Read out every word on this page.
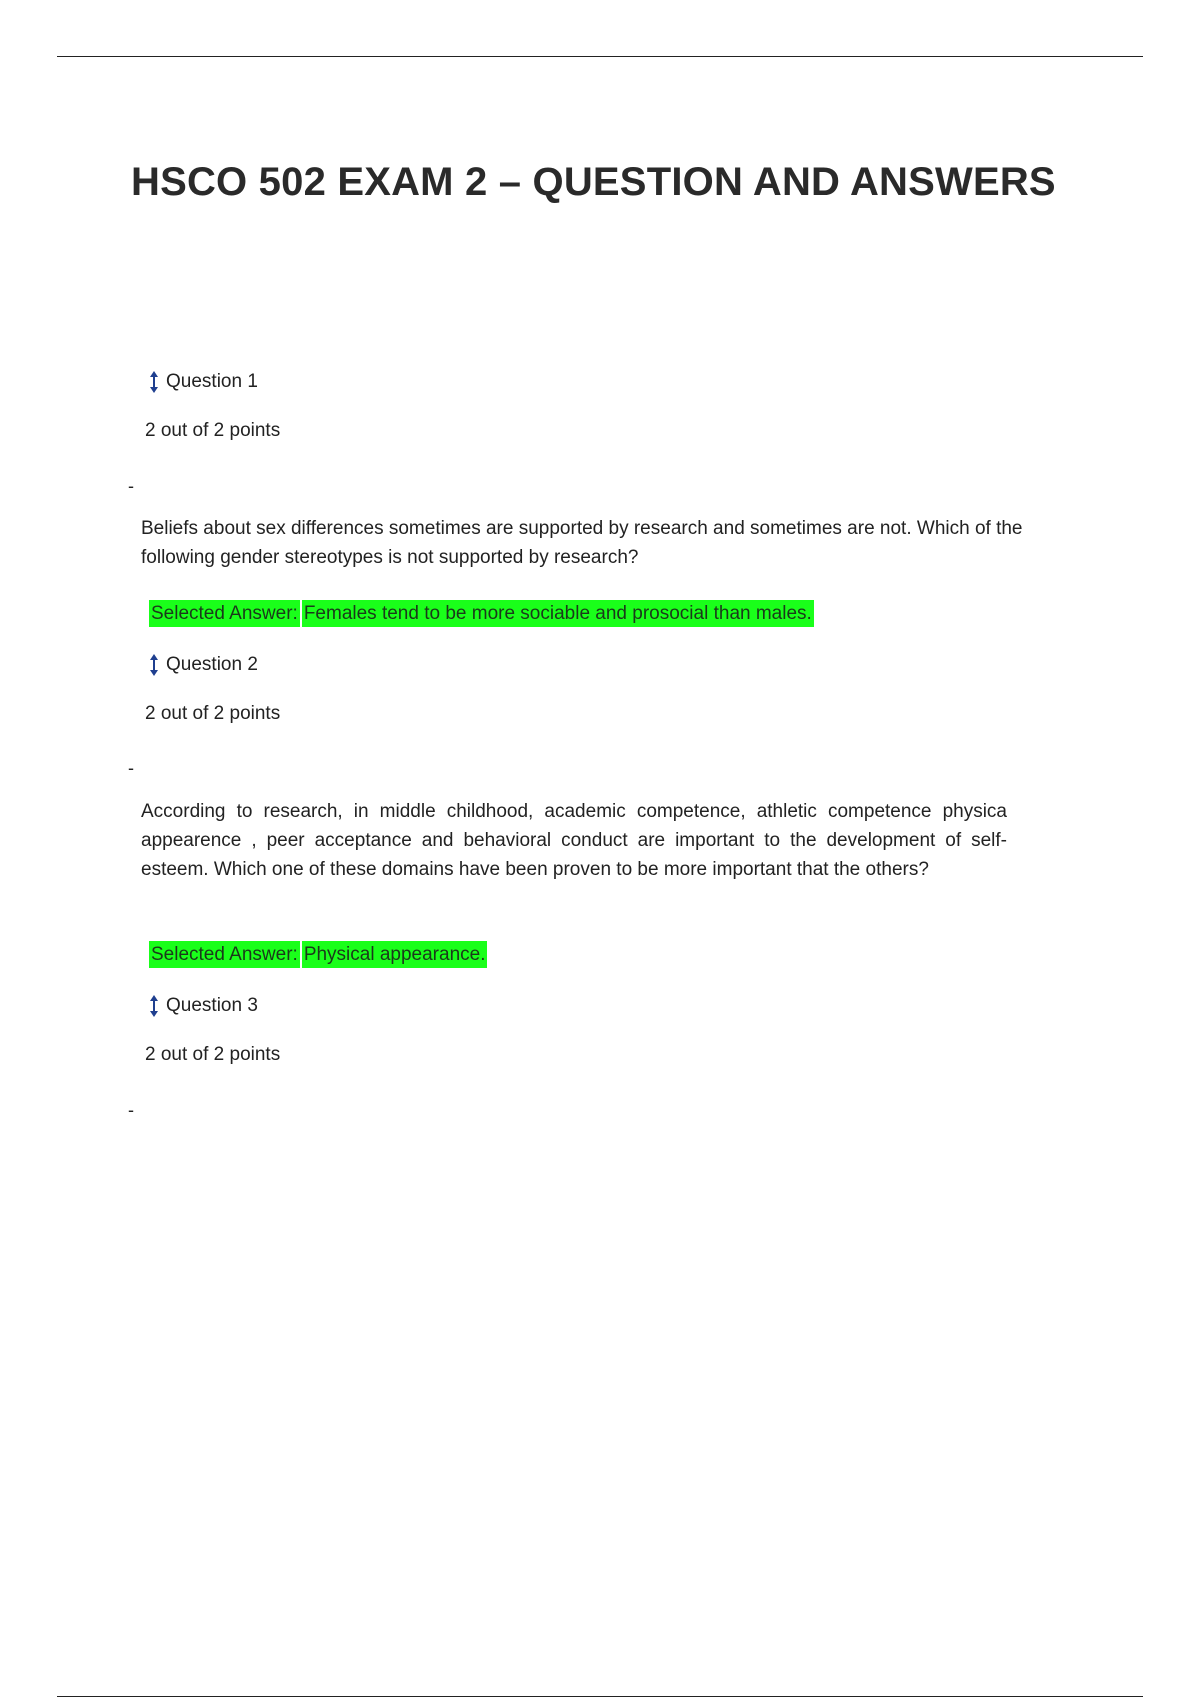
HSCO 502 EXAM 2 – QUESTION AND ANSWERS
Question 1
2 out of 2 points
-

Beliefs about sex differences sometimes are supported by research and sometimes are not. Which of the following gender stereotypes is not supported by research?

Selected Answer: Females tend to be more sociable and prosocial than males.
Question 2
2 out of 2 points
-

According to research, in middle childhood, academic competence, athletic competence physica appearence , peer acceptance and behavioral conduct are important to the development of self- esteem. Which one of these domains have been proven to be more important that the others?

Selected Answer: Physical appearance.
Question 3
2 out of 2 points
-
